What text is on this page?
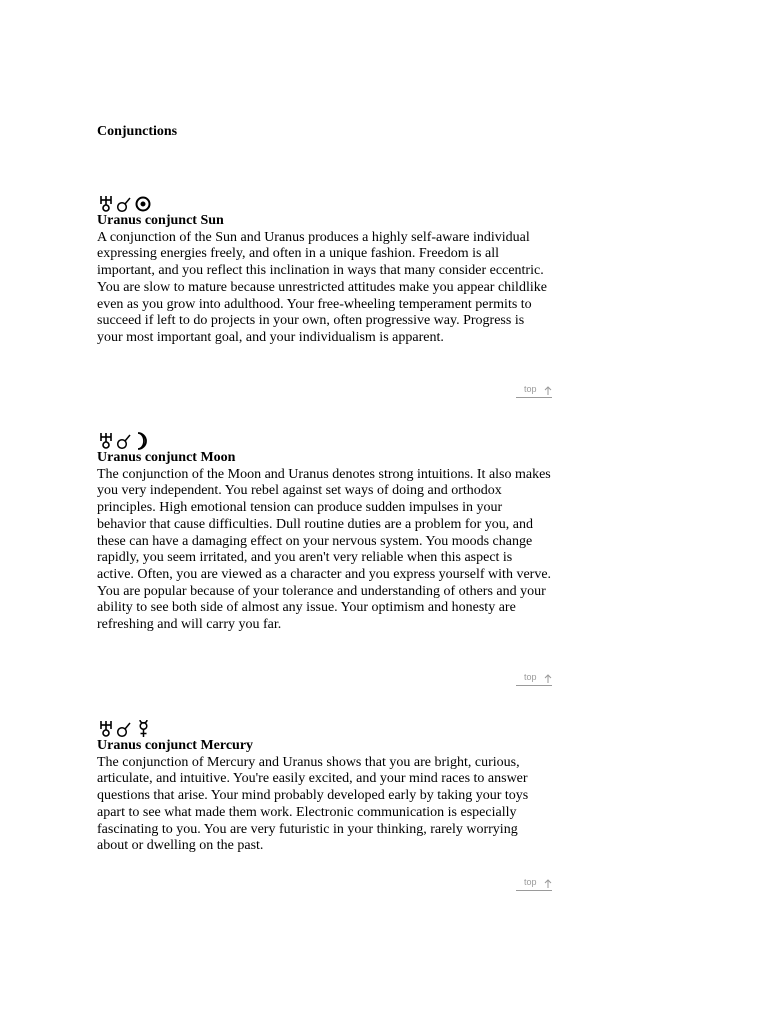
Conjunctions
Uranus conjunct Sun

A conjunction of the Sun and Uranus produces a highly self-aware individual expressing energies freely, and often in a unique fashion. Freedom is all important, and you reflect this inclination in ways that many consider eccentric. You are slow to mature because unrestricted attitudes make you appear childlike even as you grow into adulthood. Your free-wheeling temperament permits to succeed if left to do projects in your own, often progressive way. Progress is your most important goal, and your individualism is apparent.

top
Uranus conjunct Moon

The conjunction of the Moon and Uranus denotes strong intuitions. It also makes you very independent. You rebel against set ways of doing and orthodox principles. High emotional tension can produce sudden impulses in your behavior that cause difficulties. Dull routine duties are a problem for you, and these can have a damaging effect on your nervous system. You moods change rapidly, you seem irritated, and you aren't very reliable when this aspect is active. Often, you are viewed as a character and you express yourself with verve. You are popular because of your tolerance and understanding of others and your ability to see both side of almost any issue. Your optimism and honesty are refreshing and will carry you far.

top
Uranus conjunct Mercury

The conjunction of Mercury and Uranus shows that you are bright, curious, articulate, and intuitive. You're easily excited, and your mind races to answer questions that arise. Your mind probably developed early by taking your toys apart to see what made them work. Electronic communication is especially fascinating to you. You are very futuristic in your thinking, rarely worrying about or dwelling on the past.

top
